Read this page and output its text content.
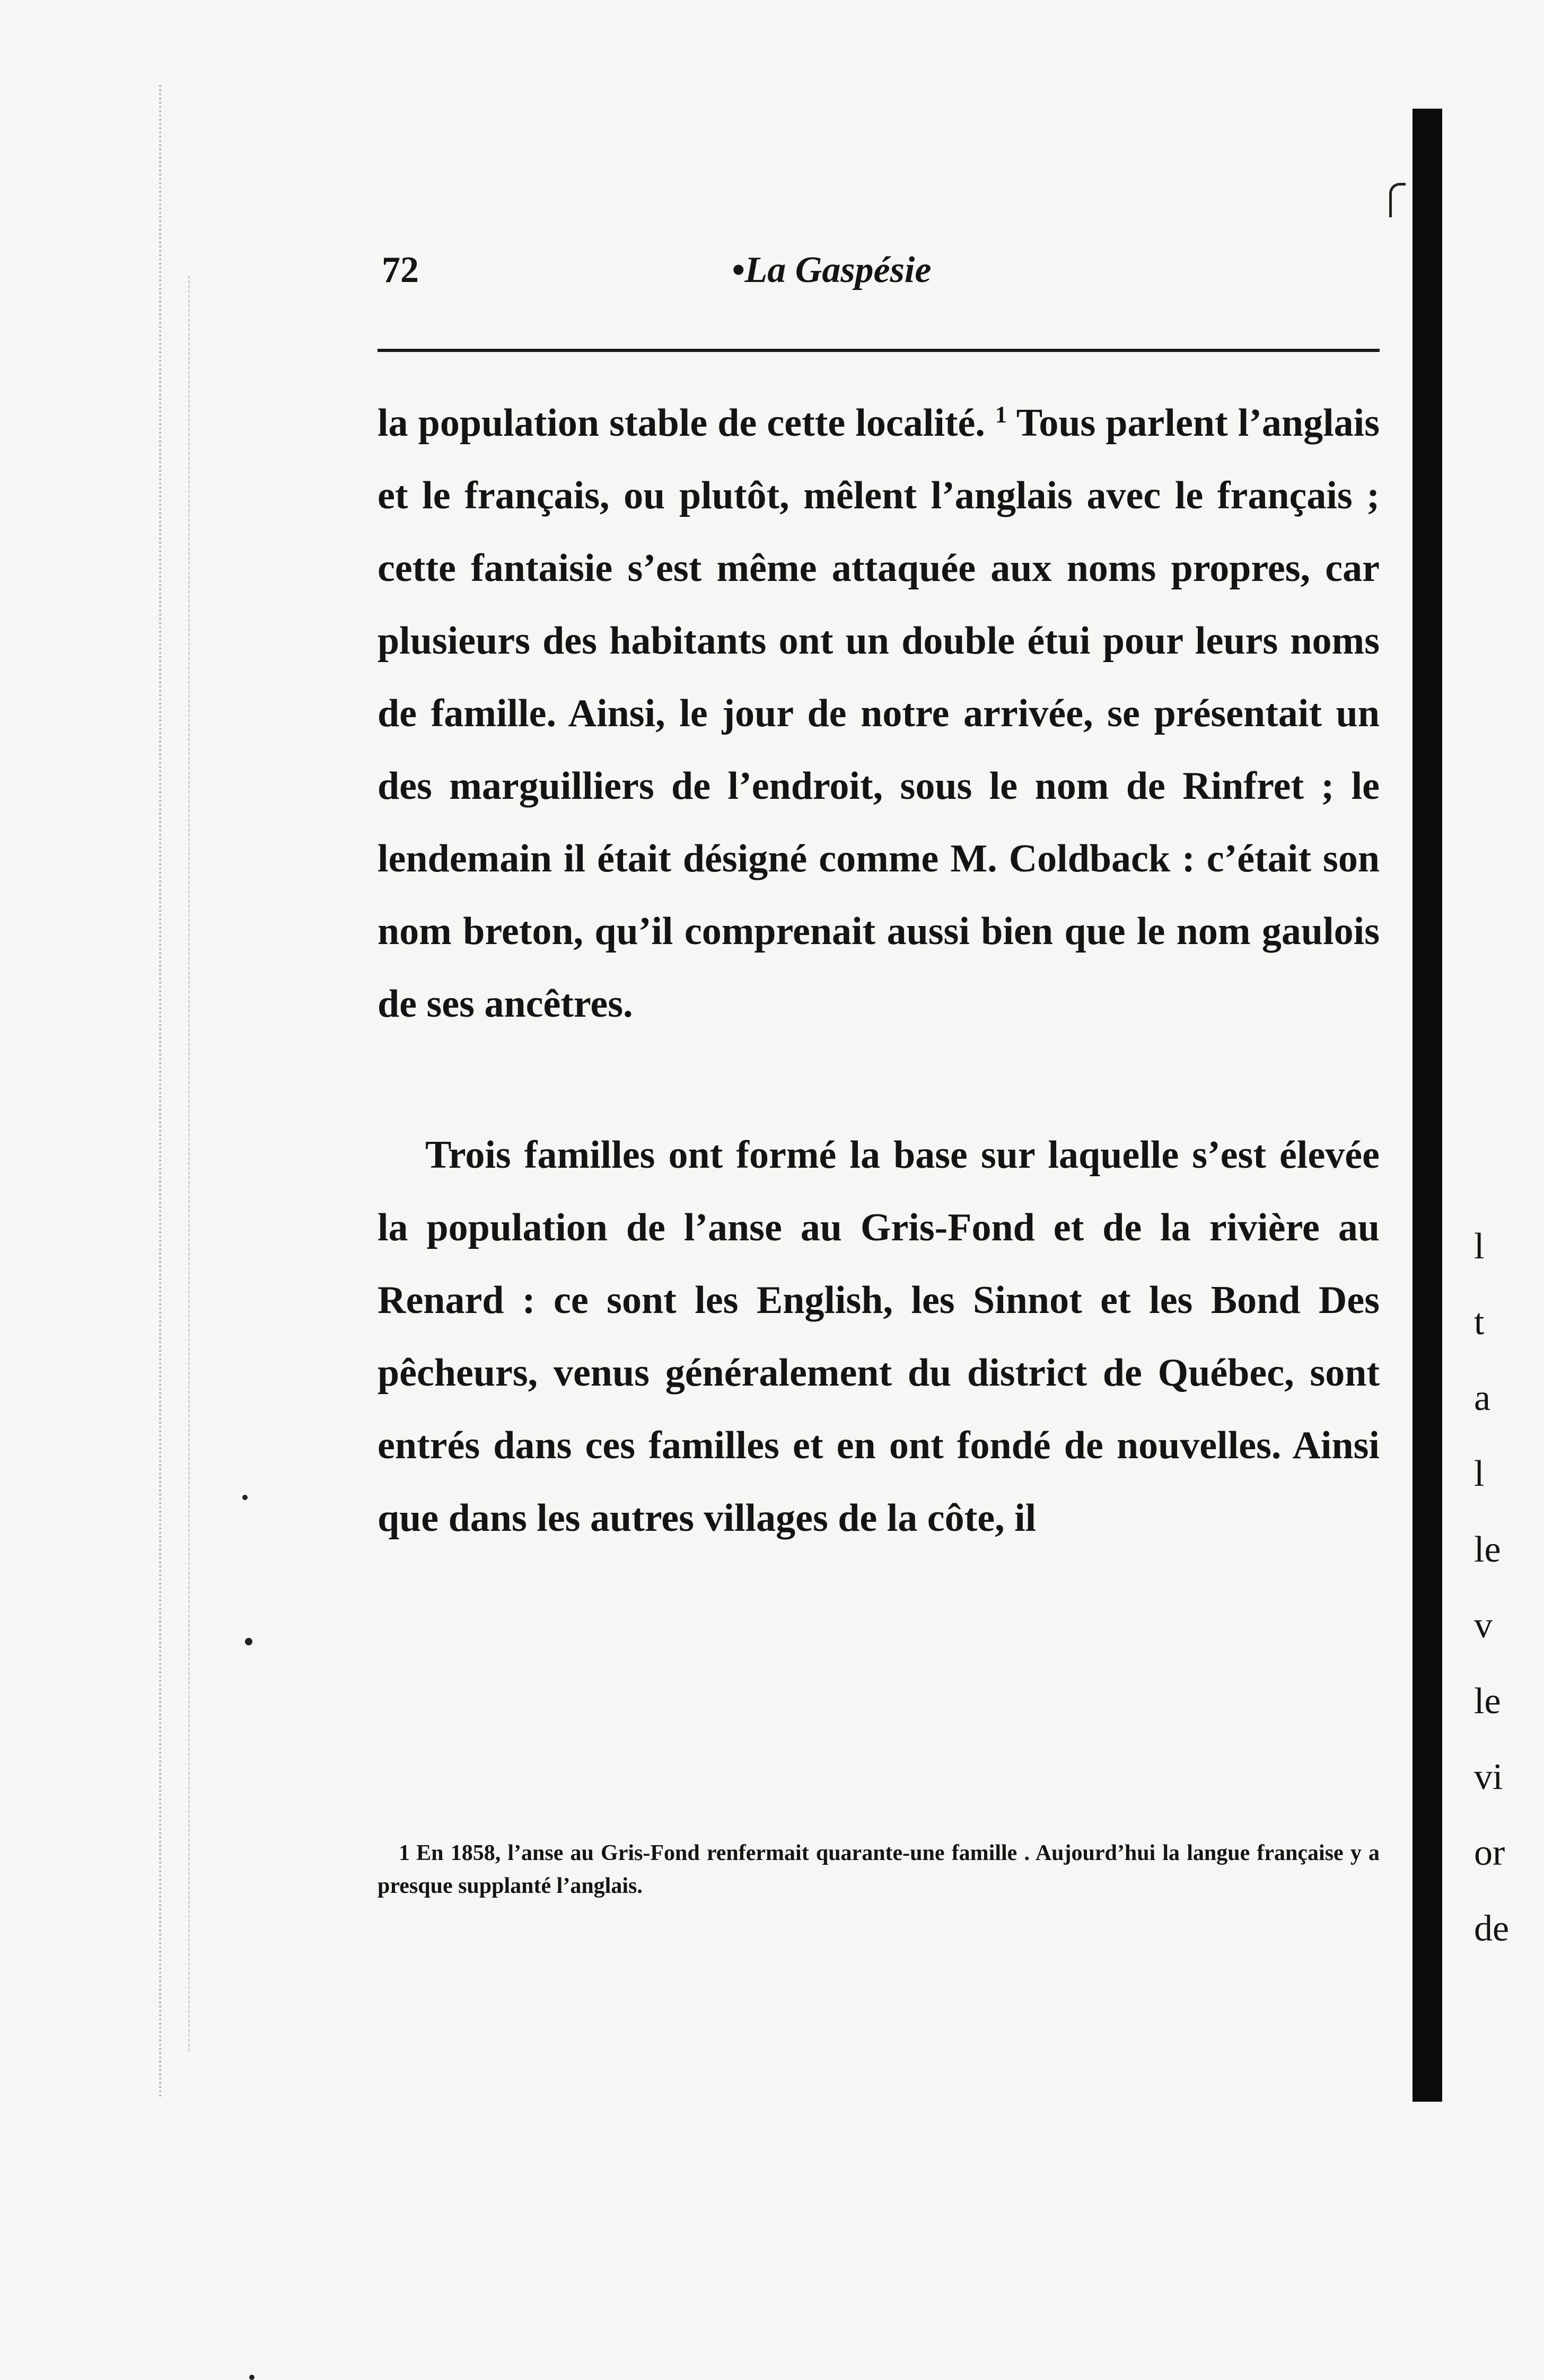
72	•La Gaspésie

la population stable de cette localité. $^1$ Tous parlent l’anglais et le français, ou plutôt, mêlent l’anglais avec le français ; cette fantaisie s’est même attaquée aux noms propres, car plusieurs des habitants ont un double étui pour leurs noms de famille. Ainsi, le jour de notre arrivée, se présentait un des marguilliers de l’endroit, sous le nom de Rinfret ; le lendemain il était désigné comme M. Coldback : c’était son nom breton, qu’il comprenait aussi bien que le nom gaulois de ses ancêtres.

Trois familles ont formé la base sur laquelle s’est élevée la population de l’anse au Gris-Fond et de la rivière au Renard : ce sont les English, les Sinnot et les Bond Des pêcheurs, venus généralement du district de Québec, sont entrés dans ces familles et en ont fondé de nouvelles. Ainsi que dans les autres villages de la côte, il

1 En 1858, l’anse au Gris-Fond renfermait quarante-une famille . Aujourd’hui la langue française y a presque supplanté l’anglais.
l
t
a
l
le
v
le
vi
or
de
